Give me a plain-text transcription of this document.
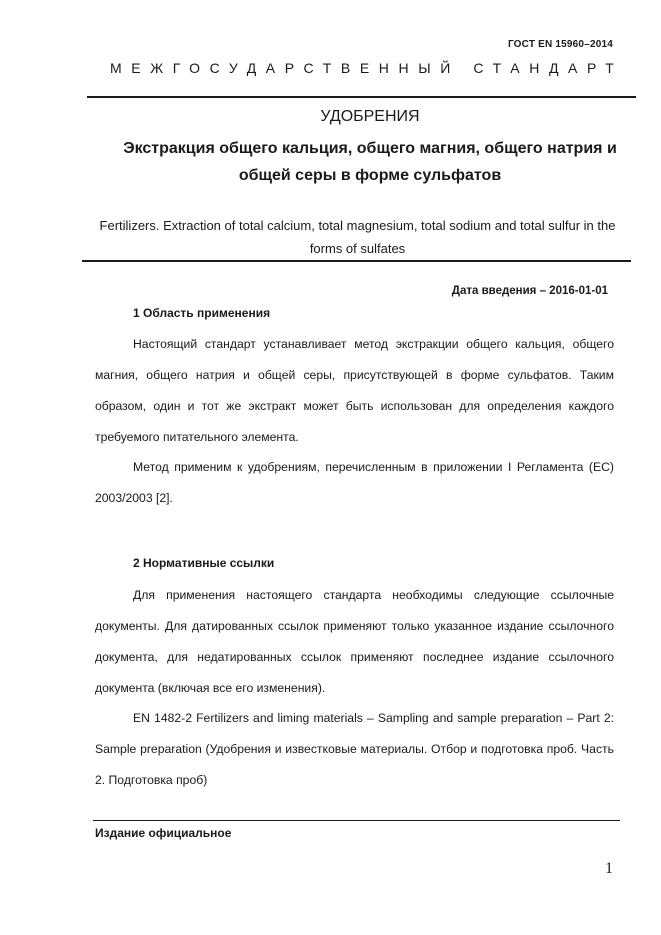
ГОСТ EN 15960–2014
МЕЖГОСУДАРСТВЕННЫЙ СТАНДАРТ
УДОБРЕНИЯ
Экстракция общего кальция, общего магния, общего натрия и общей серы в форме сульфатов
Fertilizers. Extraction of total calcium, total magnesium, total sodium and total sulfur in the forms of sulfates
Дата введения – 2016-01-01
1 Область применения
Настоящий стандарт устанавливает метод экстракции общего кальция, общего магния, общего натрия и общей серы, присутствующей в форме сульфатов. Таким образом, один и тот же экстракт может быть использован для определения каждого требуемого питательного элемента.
Метод применим к удобрениям, перечисленным в приложении I Регламента (ЕС) 2003/2003 [2].
2 Нормативные ссылки
Для применения настоящего стандарта необходимы следующие ссылочные документы. Для датированных ссылок применяют только указанное издание ссылочного документа, для недатированных ссылок применяют последнее издание ссылочного документа (включая все его изменения).
EN 1482-2 Fertilizers and liming materials – Sampling and sample preparation – Part 2: Sample preparation (Удобрения и известковые материалы. Отбор и подготовка проб. Часть 2. Подготовка проб)
Издание официальное
1
